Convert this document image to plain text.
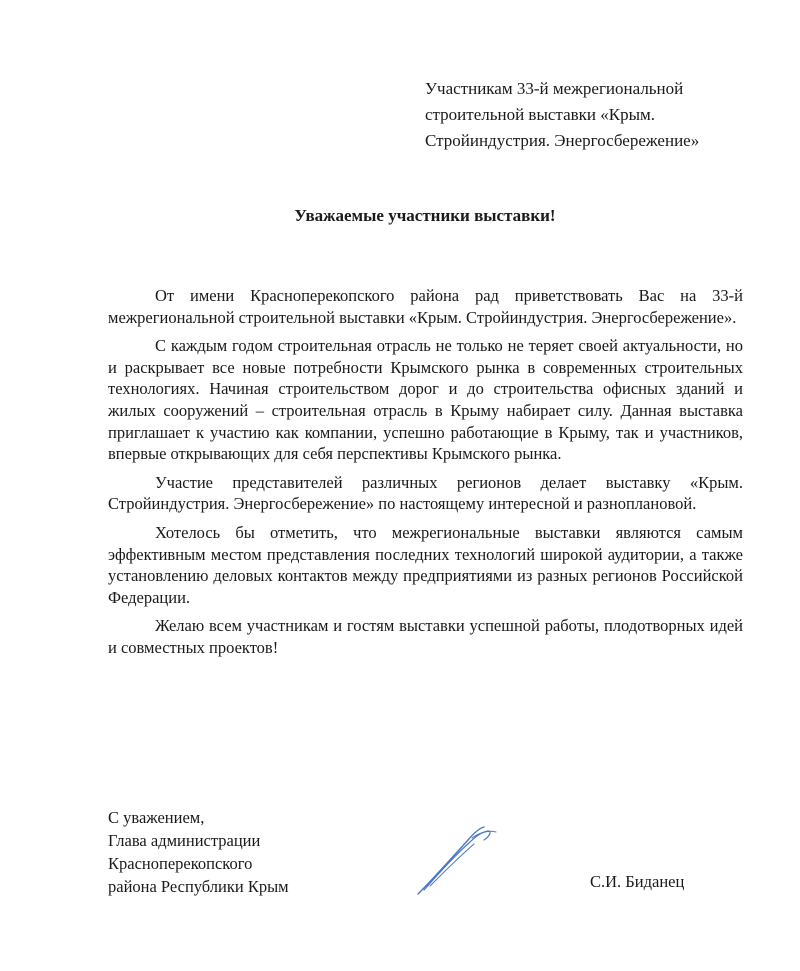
Участникам 33-й межрегиональной
строительной выставки «Крым.
Стройиндустрия. Энергосбережение»
Уважаемые участники выставки!

От имени Красноперекопского района рад приветствовать Вас на 33-й межрегиональной строительной выставки «Крым. Стройиндустрия. Энергосбережение».

С каждым годом строительная отрасль не только не теряет своей актуальности, но и раскрывает все новые потребности Крымского рынка в современных строительных технологиях. Начиная строительством дорог и до строительства офисных зданий и жилых сооружений – строительная отрасль в Крыму набирает силу. Данная выставка приглашает к участию как компании, успешно работающие в Крыму, так и участников, впервые открывающих для себя перспективы Крымского рынка.

Участие представителей различных регионов делает выставку «Крым. Стройиндустрия. Энергосбережение» по настоящему интересной и разноплановой.

Хотелось бы отметить, что межрегиональные выставки являются самым эффективным местом представления последних технологий широкой аудитории, а также установлению деловых контактов между предприятиями из разных регионов Российской Федерации.

Желаю всем участникам и гостям выставки успешной работы, плодотворных идей и совместных проектов!

С уважением,
Глава администрации
Красноперекопского
района Республики Крым	С.И. Биданец
